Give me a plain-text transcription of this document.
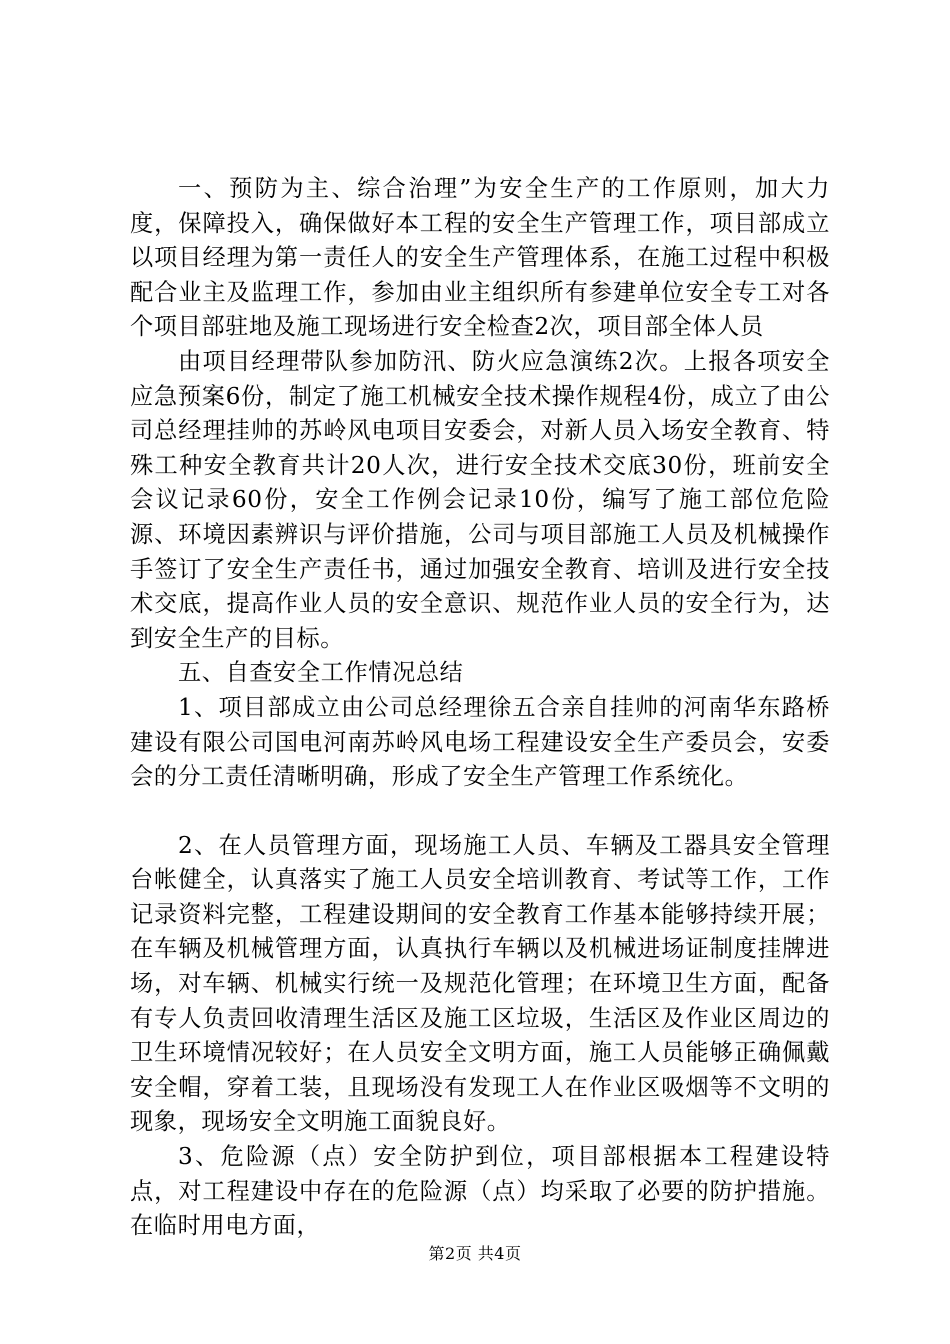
一、预防为主、综合治理”为安全生产的工作原则，加大力度，保障投入，确保做好本工程的安全生产管理工作，项目部成立以项目经理为第一责任人的安全生产管理体系，在施工过程中积极配合业主及监理工作，参加由业主组织所有参建单位安全专工对各个项目部驻地及施工现场进行安全检查2次，项目部全体人员

由项目经理带队参加防汛、防火应急演练2次。上报各项安全应急预案6份，制定了施工机械安全技术操作规程4份，成立了由公司总经理挂帅的苏岭风电项目安委会，对新人员入场安全教育、特殊工种安全教育共计20人次，进行安全技术交底30份，班前安全会议记录60份，安全工作例会记录10份，编写了施工部位危险源、环境因素辨识与评价措施，公司与项目部施工人员及机械操作手签订了安全生产责任书，通过加强安全教育、培训及进行安全技术交底，提高作业人员的安全意识、规范作业人员的安全行为，达到安全生产的目标。

五、自查安全工作情况总结

1、项目部成立由公司总经理徐五合亲自挂帅的河南华东路桥建设有限公司国电河南苏岭风电场工程建设安全生产委员会，安委会的分工责任清晰明确，形成了安全生产管理工作系统化。

2、在人员管理方面，现场施工人员、车辆及工器具安全管理台帐健全，认真落实了施工人员安全培训教育、考试等工作，工作记录资料完整，工程建设期间的安全教育工作基本能够持续开展；在车辆及机械管理方面，认真执行车辆以及机械进场证制度挂牌进场，对车辆、机械实行统一及规范化管理；在环境卫生方面，配备有专人负责回收清理生活区及施工区垃圾，生活区及作业区周边的卫生环境情况较好；在人员安全文明方面，施工人员能够正确佩戴安全帽，穿着工装，且现场没有发现工人在作业区吸烟等不文明的现象，现场安全文明施工面貌良好。

3、危险源（点）安全防护到位，项目部根据本工程建设特点，对工程建设中存在的危险源（点）均采取了必要的防护措施。在临时用电方面，

第2页 共4页
